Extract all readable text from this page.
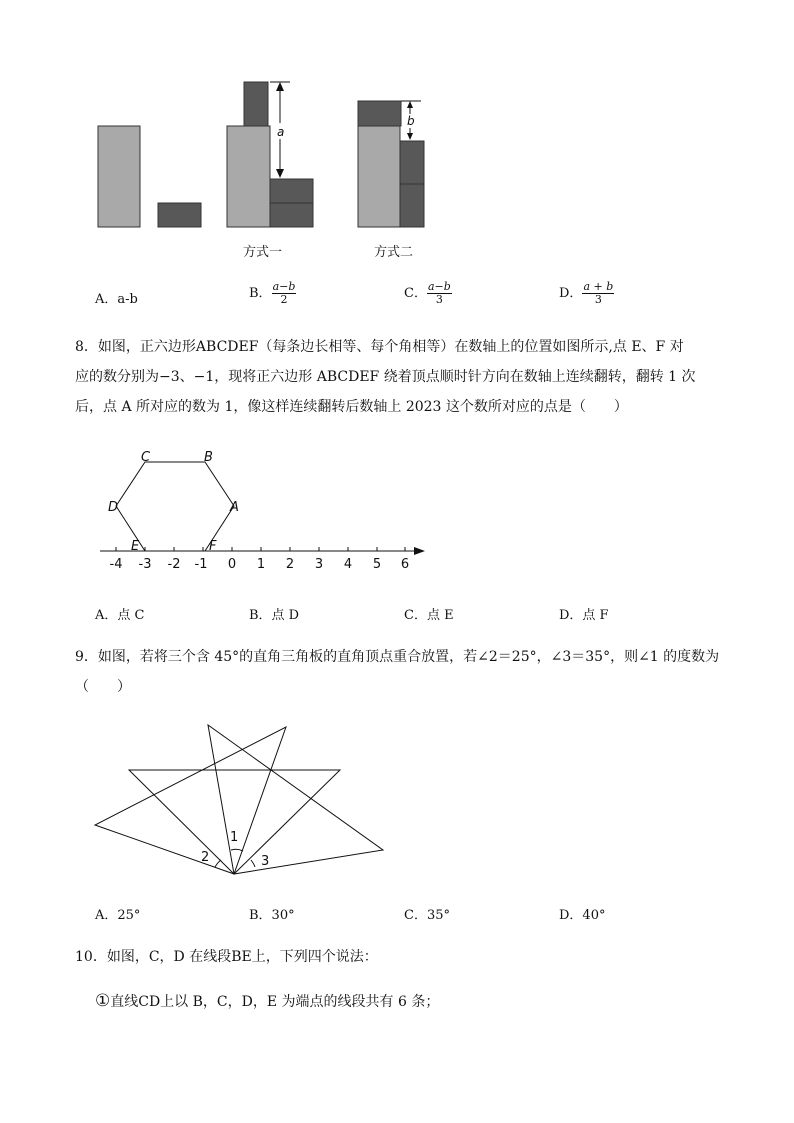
a
b
方式一	方式二
A．a-b	B． $\frac{a-b}{2}$	C． $\frac{a-b}{3}$	D． $\frac{a + b}{3}$
8．如图，正六边形ABCDEF（每条边长相等、每个角相等）在数轴上的位置如图所示,点 E、F 对
应的数分别为−3、−1，现将正六边形 ABCDEF 绕着顶点顺时针方向在数轴上连续翻转，翻转 1 次
后，点 A 所对应的数为 1，像这样连续翻转后数轴上 2023 这个数所对应的点是（　　）
-4 -3 -2 -1 0 1 2 3 4 5 6
C	B
D	A
E	F
A．点 C	B．点 D	C．点 E	D．点 F
9．如图，若将三个含 45°的直角三角板的直角顶点重合放置，若∠2＝25°，∠3＝35°，则∠1 的度数为
（　　）
1
2	3
A．25°	B．30°	C．35°	D．40°
10．如图，C，D 在线段BE上，下列四个说法：
①直线CD上以 B，C，D，E 为端点的线段共有 6 条；
